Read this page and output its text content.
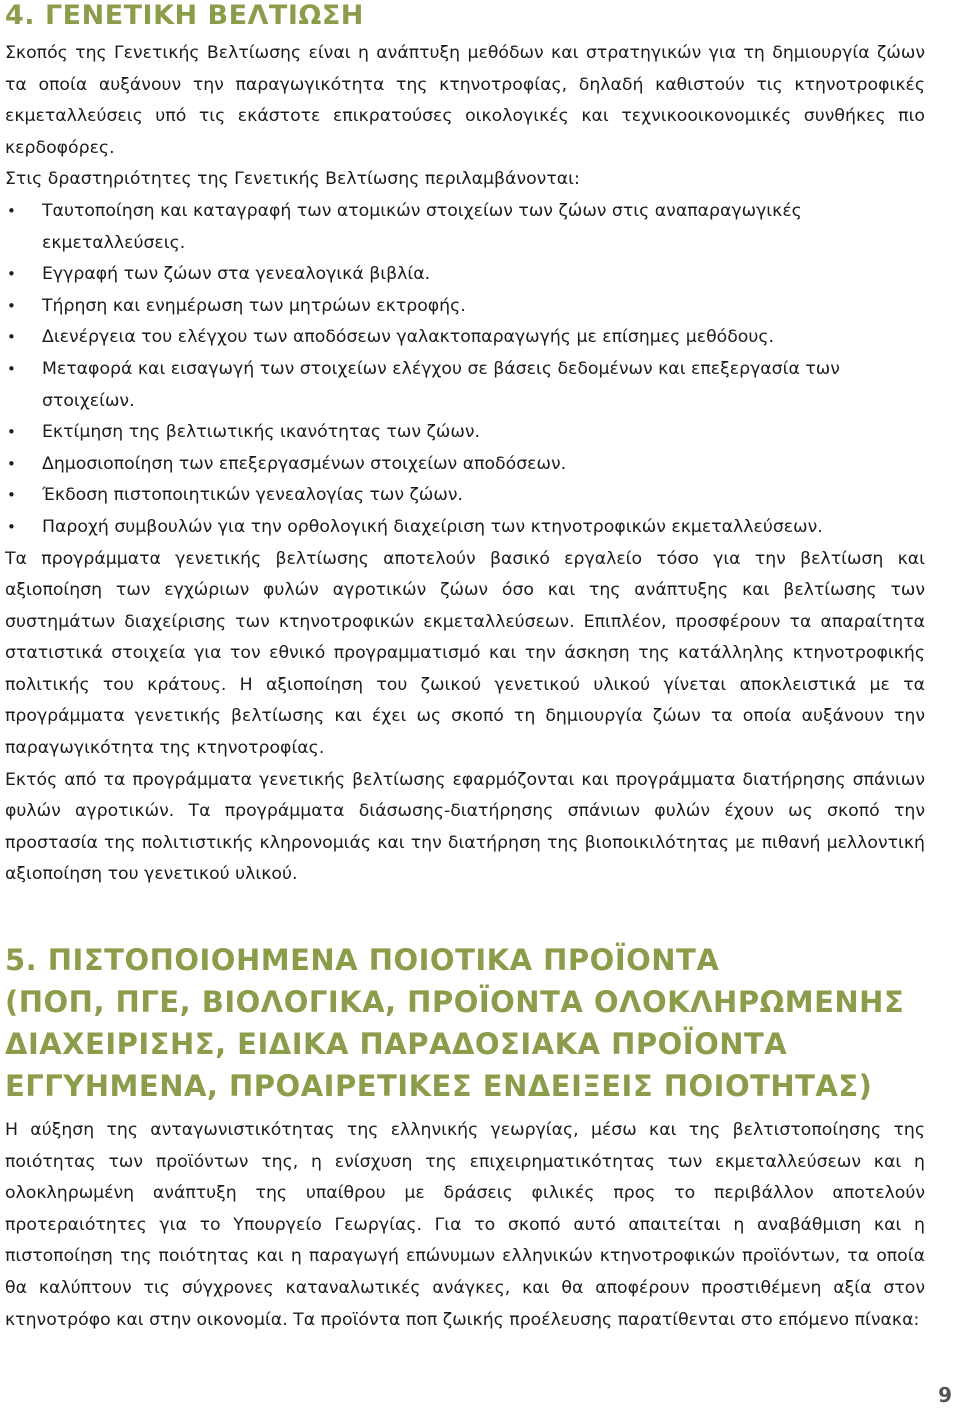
4. ΓΕΝΕΤΙΚΗ ΒΕΛΤΙΩΣΗ

Σκοπός της Γενετικής Βελτίωσης είναι η ανάπτυξη μεθόδων και στρατηγικών για τη δημιουργία ζώων τα οποία αυξάνουν την παραγωγικότητα της κτηνοτροφίας, δηλαδή καθιστούν τις κτηνοτροφικές εκμεταλλεύσεις υπό τις εκάστοτε επικρατούσες οικολογικές και τεχνικοοικονομικές συνθήκες πιο κερδοφόρες.

Στις δραστηριότητες της Γενετικής Βελτίωσης περιλαμβάνονται:

• Ταυτοποίηση και καταγραφή των ατομικών στοιχείων των ζώων στις αναπαραγωγικές εκμεταλλεύσεις.
• Εγγραφή των ζώων στα γενεαλογικά βιβλία.
• Τήρηση και ενημέρωση των μητρώων εκτροφής.
• Διενέργεια του ελέγχου των αποδόσεων γαλακτοπαραγωγής με επίσημες μεθόδους.
• Μεταφορά και εισαγωγή των στοιχείων ελέγχου σε βάσεις δεδομένων και επεξεργασία των στοιχείων.
• Εκτίμηση της βελτιωτικής ικανότητας των ζώων.
• Δημοσιοποίηση των επεξεργασμένων στοιχείων αποδόσεων.
• Έκδοση πιστοποιητικών γενεαλογίας των ζώων.
• Παροχή συμβουλών για την ορθολογική διαχείριση των κτηνοτροφικών εκμεταλλεύσεων.

Τα προγράμματα γενετικής βελτίωσης αποτελούν βασικό εργαλείο τόσο για την βελτίωση και αξιοποίηση των εγχώριων φυλών αγροτικών ζώων όσο και της ανάπτυξης και βελτίωσης των συστημάτων διαχείρισης των κτηνοτροφικών εκμεταλλεύσεων. Επιπλέον, προσφέρουν τα απαραίτητα στατιστικά στοιχεία για τον εθνικό προγραμματισμό και την άσκηση της κατάλληλης κτηνοτροφικής πολιτικής του κράτους. Η αξιοποίηση του ζωικού γενετικού υλικού γίνεται αποκλειστικά με τα προγράμματα γενετικής βελτίωσης και έχει ως σκοπό τη δημιουργία ζώων τα οποία αυξάνουν την παραγωγικότητα της κτηνοτροφίας.

Εκτός από τα προγράμματα γενετικής βελτίωσης εφαρμόζονται και προγράμματα διατήρησης σπάνιων φυλών αγροτικών. Τα προγράμματα διάσωσης-διατήρησης σπάνιων φυλών έχουν ως σκοπό την προστασία της πολιτιστικής κληρονομιάς και την διατήρηση της βιοποικιλότητας με πιθανή μελλοντική αξιοποίηση του γενετικού υλικού.

5. ΠΙΣΤΟΠΟΙΟΗΜΕΝΑ ΠΟΙΟΤΙΚΑ ΠΡΟΪΟΝΤΑ
(ΠΟΠ, ΠΓΕ, ΒΙΟΛΟΓΙΚΑ, ΠΡΟΪΟΝΤΑ ΟΛΟΚΛΗΡΩΜΕΝΗΣ
ΔΙΑΧΕΙΡΙΣΗΣ, ΕΙΔΙΚΑ ΠΑΡΑΔΟΣΙΑΚΑ ΠΡΟΪΟΝΤΑ
ΕΓΓΥΗΜΕΝΑ, ΠΡΟΑΙΡΕΤΙΚΕΣ ΕΝΔΕΙΞΕΙΣ ΠΟΙΟΤΗΤΑΣ)

Η αύξηση της ανταγωνιστικότητας της ελληνικής γεωργίας, μέσω και της βελτιστοποίησης της ποιότητας των προϊόντων της, η ενίσχυση της επιχειρηματικότητας των εκμεταλλεύσεων και η ολοκληρωμένη ανάπτυξη της υπαίθρου με δράσεις φιλικές προς το περιβάλλον αποτελούν προτεραιότητες για το Υπουργείο Γεωργίας. Για το σκοπό αυτό απαιτείται η αναβάθμιση και η πιστοποίηση της ποιότητας και η παραγωγή επώνυμων ελληνικών κτηνοτροφικών προϊόντων, τα οποία θα καλύπτουν τις σύγχρονες καταναλωτικές ανάγκες, και θα αποφέρουν προστιθέμενη αξία στον κτηνοτρόφο και στην οικονομία. Τα προϊόντα ποπ ζωικής προέλευσης παρατίθενται στο επόμενο πίνακα:

9
